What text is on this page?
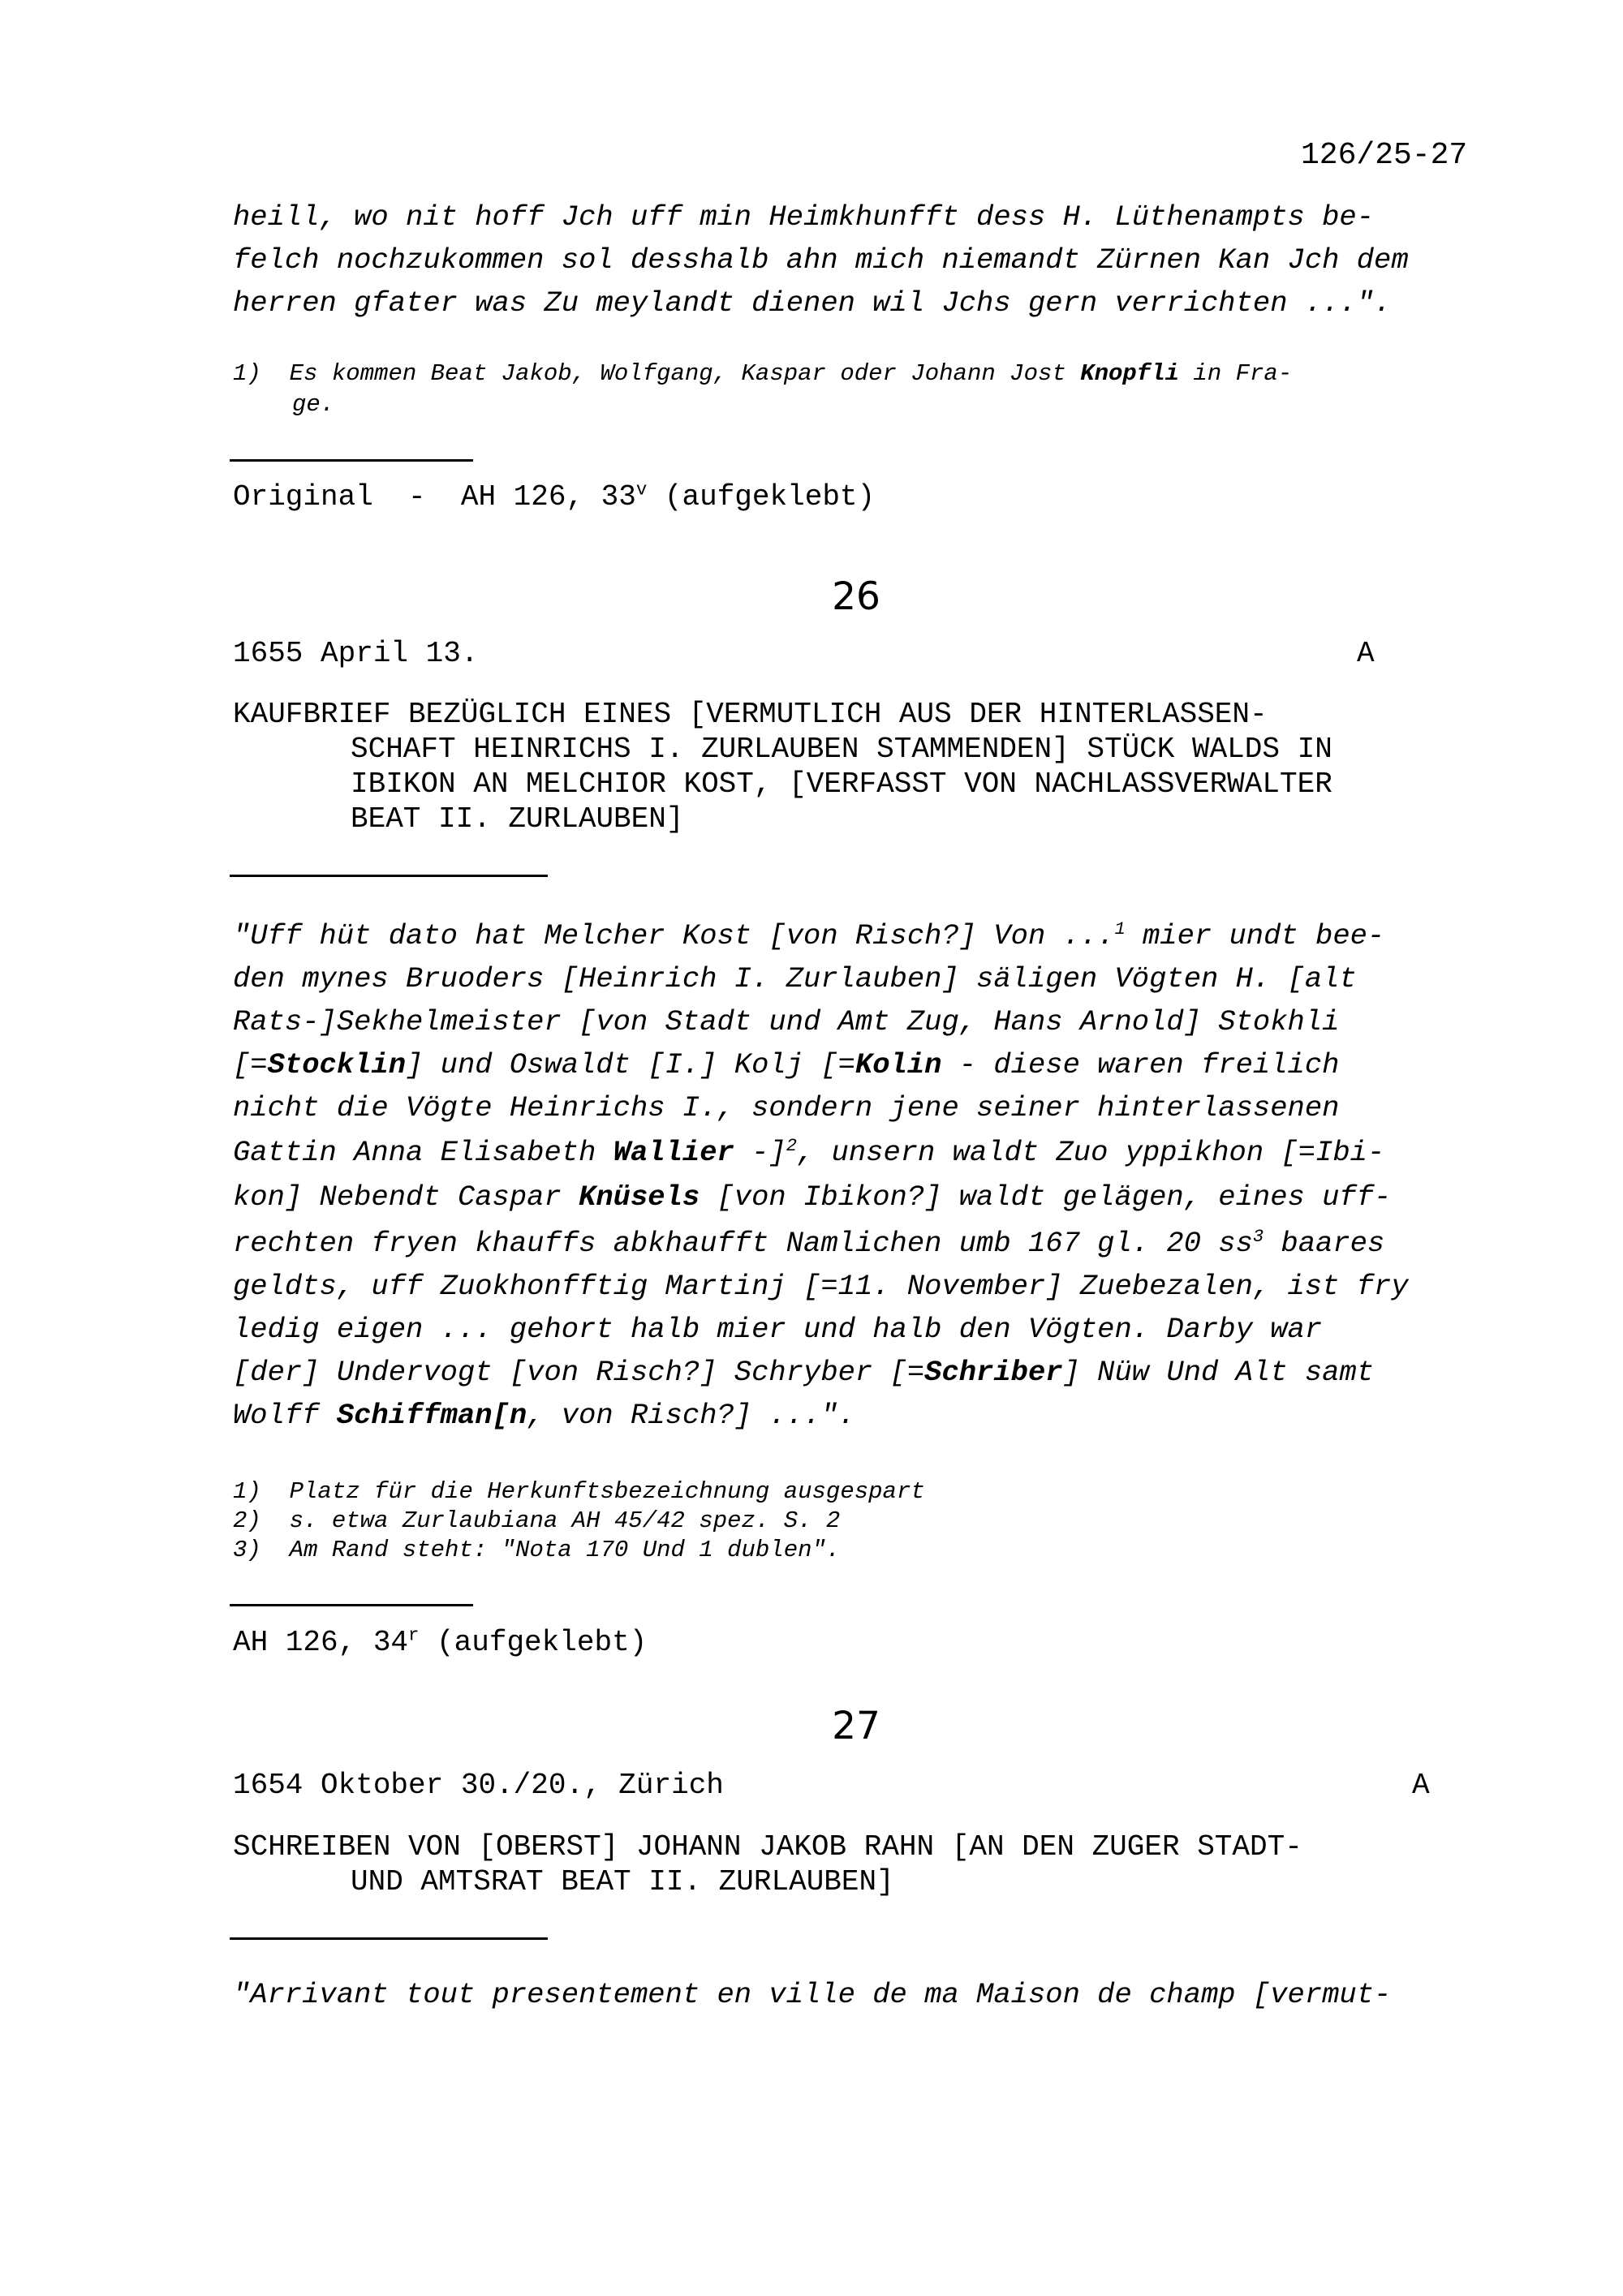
126/25-27
heill, wo nit hoff Jch uff min Heimkhunfft dess H. Lüthenampts be-
felch nochzukommen sol desshalb ahn mich niemandt Zürnen Kan Jch dem
herren gfater was Zu meylandt dienen wil Jchs gern verrichten ...".
1) Es kommen Beat Jakob, Wolfgang, Kaspar oder Johann Jost Knopfli in Fra-
ge.
Original  -  AH 126, 33$^v$ (aufgeklebt)
26
1655 April 13.	A
KAUFBRIEF BEZÜGLICH EINES [VERMUTLICH AUS DER HINTERLASSEN-
SCHAFT HEINRICHS I. ZURLAUBEN STAMMENDEN] STÜCK WALDS IN
IBIKON AN MELCHIOR KOST, [VERFASST VON NACHLASSVERWALTER
BEAT II. ZURLAUBEN]
"Uff hüt dato hat Melcher Kost [von Risch?] Von ...$^1$ mier undt bee-
den mynes Bruoders [Heinrich I. Zurlauben] säligen Vögten H. [alt
Rats-]Sekhelmeister [von Stadt und Amt Zug, Hans Arnold] Stokhli
[=Stocklin] und Oswaldt [I.] Kolj [=Kolin - diese waren freilich
nicht die Vögte Heinrichs I., sondern jene seiner hinterlassenen
Gattin Anna Elisabeth Wallier -]$^2$, unsern waldt Zuo yppikhon [=Ibi-
kon] Nebendt Caspar Knüsels [von Ibikon?] waldt gelägen, eines uff-
rechten fryen khauffs abkhaufft Namlichen umb 167 gl. 20 $ss^3$ baares
geldts, uff Zuokhonfftig Martinj [=11. November] Zuebezalen, ist fry
ledig eigen ... gehort halb mier und halb den Vögten. Darby war
[der] Undervogt [von Risch?] Schryber [=Schriber] Nüw Und Alt samt
Wolff Schiffman[n, von Risch?] ...".
1) Platz für die Herkunftsbezeichnung ausgespart
2) s. etwa Zurlaubiana AH 45/42 spez. S. 2
3) Am Rand steht: "Nota 170 Und 1 dublen".
AH 126, 34$^r$ (aufgeklebt)
27
1654 Oktober 30./20., Zürich	A
SCHREIBEN VON [OBERST] JOHANN JAKOB RAHN [AN DEN ZUGER STADT-
UND AMTSRAT BEAT II. ZURLAUBEN]
"Arrivant tout presentement en ville de ma Maison de champ [vermut-
